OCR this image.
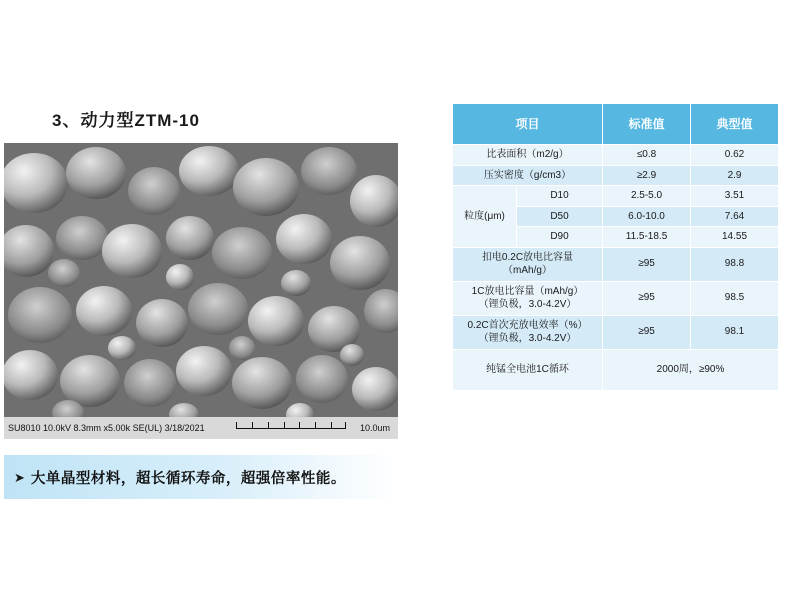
3、动力型ZTM-10
SU8010 10.0kV 8.3mm x5.00k SE(UL) 3/18/2021	10.0um
➤ 大单晶型材料，超长循环寿命，超强倍率性能。
项目		标准值	典型值
比表面积（m2/g）		≤0.8	0.62
压实密度（g/cm3）		≥2.9	2.9
粒度(μm)	D10	2.5-5.0	3.51
	D50	6.0-10.0	7.64
	D90	11.5-18.5	14.55

扣电0.2C放电比容量
（mAh/g）		≥95	98.8

1C放电比容量（mAh/g）
（锂负极，3.0-4.2V）		≥95	98.5

0.2C首次充放电效率（%）
（锂负极，3.0-4.2V）		≥95	98.1
纯锰全电池1C循环		2000周，≥90%	
